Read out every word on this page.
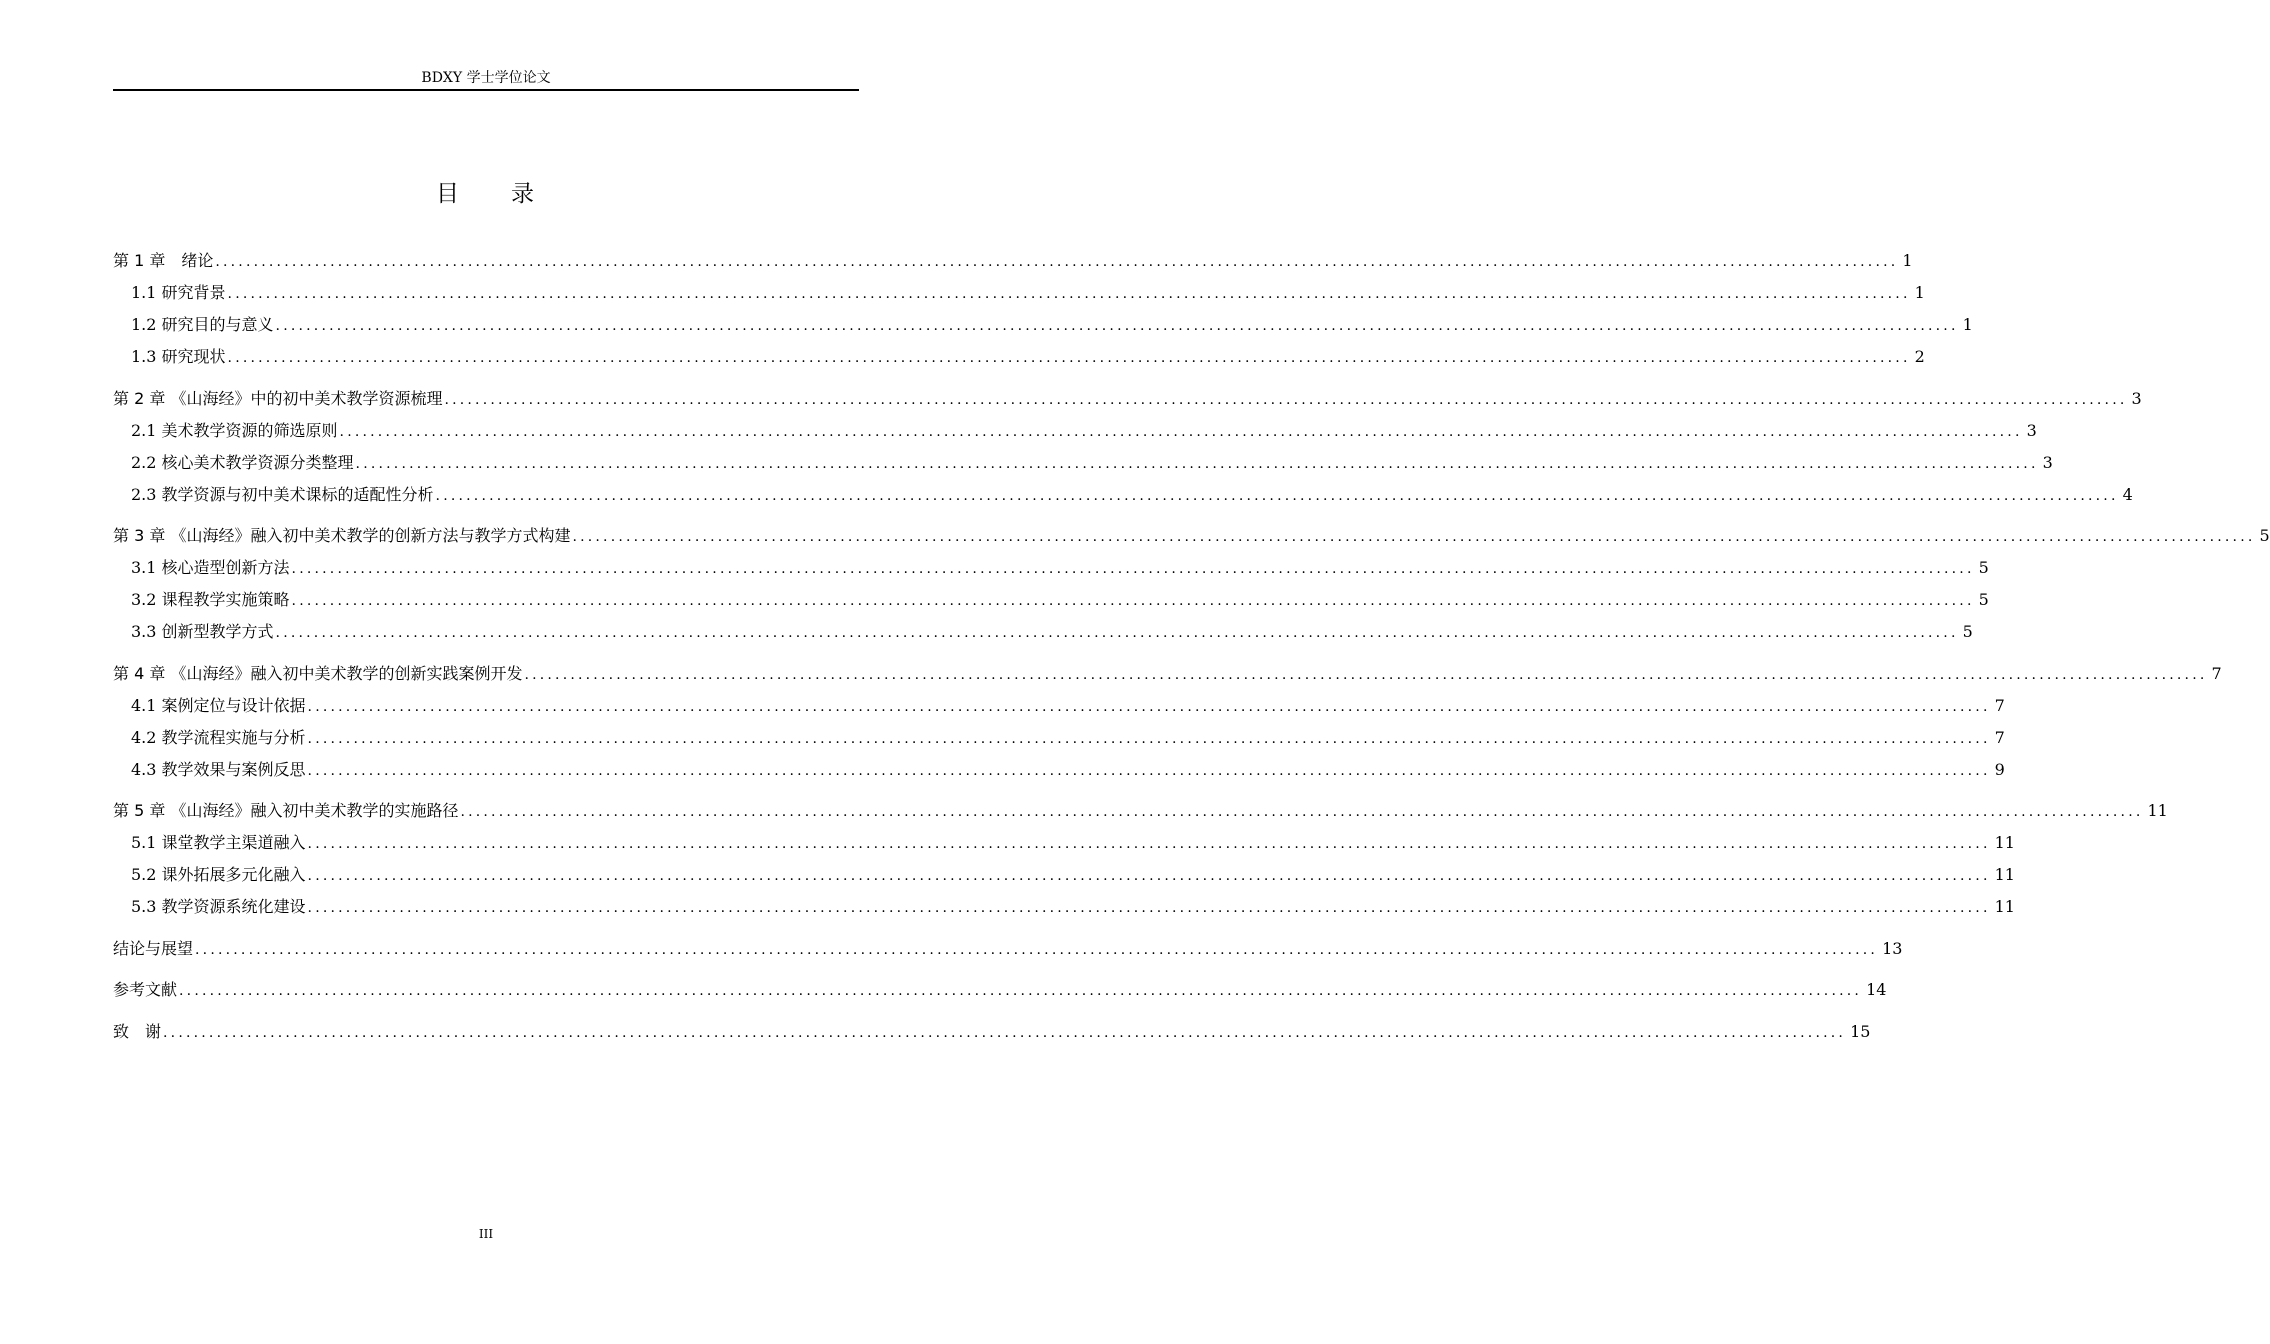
BDXY 学士学位论文
目　　录
第 1 章　绪论 ............................................................................................................................................................................................................................ 1
1.1 研究背景 ............................................................................................................................................................................................................................ 1
1.2 研究目的与意义 ............................................................................................................................................................................................................................ 1
1.3 研究现状 ............................................................................................................................................................................................................................ 2
第 2 章 《山海经》中的初中美术教学资源梳理 ............................................................................................................................................................................................................................ 3
2.1 美术教学资源的筛选原则 ............................................................................................................................................................................................................................ 3
2.2 核心美术教学资源分类整理 ............................................................................................................................................................................................................................ 3
2.3 教学资源与初中美术课标的适配性分析 ............................................................................................................................................................................................................................ 4
第 3 章 《山海经》融入初中美术教学的创新方法与教学方式构建 ............................................................................................................................................................................................................................ 5
3.1 核心造型创新方法 ............................................................................................................................................................................................................................ 5
3.2 课程教学实施策略 ............................................................................................................................................................................................................................ 5
3.3 创新型教学方式 ............................................................................................................................................................................................................................ 5
第 4 章 《山海经》融入初中美术教学的创新实践案例开发 ............................................................................................................................................................................................................................ 7
4.1 案例定位与设计依据 ............................................................................................................................................................................................................................ 7
4.2 教学流程实施与分析 ............................................................................................................................................................................................................................ 7
4.3 教学效果与案例反思 ............................................................................................................................................................................................................................ 9
第 5 章 《山海经》融入初中美术教学的实施路径 ............................................................................................................................................................................................................................ 11
5.1 课堂教学主渠道融入 ............................................................................................................................................................................................................................ 11
5.2 课外拓展多元化融入 ............................................................................................................................................................................................................................ 11
5.3 教学资源系统化建设 ............................................................................................................................................................................................................................ 11
结论与展望 ............................................................................................................................................................................................................................ 13
参考文献 ............................................................................................................................................................................................................................ 14
致　谢 ............................................................................................................................................................................................................................ 15
III
